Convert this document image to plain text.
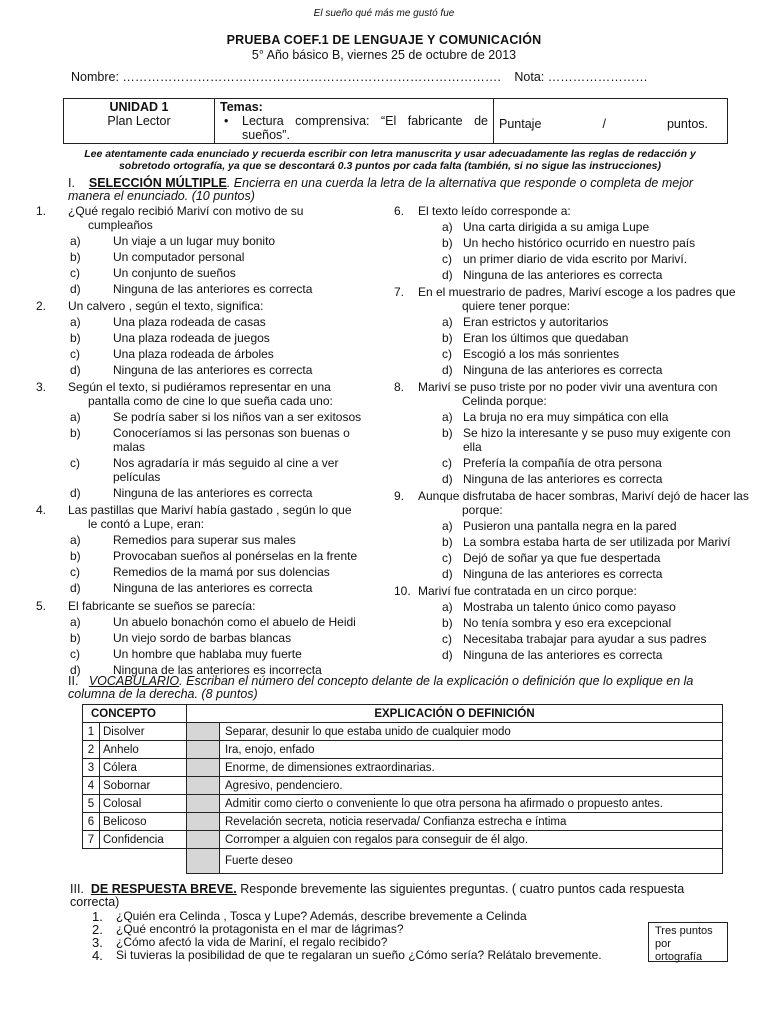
El sueño qué más me gustó fue
PRUEBA COEF.1 DE LENGUAJE Y COMUNICACIÓN
5° Año básico B, viernes 25 de octubre de 2013
Nombre: ………………………………………………………………………………. Nota: ……………………
UNIDAD 1
Plan Lector

Temas:
•	Lectura comprensiva: “El fabricante de sueños”.

Puntaje	/	puntos.
Lee atentamente cada enunciado y recuerda escribir con letra manuscrita y usar adecuadamente las reglas de redacción y sobretodo ortografía, ya que se descontará 0.3 puntos por cada falta (también, si no sigue las instrucciones)
I. SELECCIÓN MÚLTIPLE. Encierra en una cuerda la letra de la alternativa que responde o completa de mejor manera el enunciado. (10 puntos)
1. ¿Qué regalo recibió Mariví con motivo de su cumpleaños
a)	Un viaje a un lugar muy bonito
b)	Un computador personal
c)	Un conjunto de sueños
d)	Ninguna de las anteriores es correcta
2. Un calvero , según el texto, significa:
a)	Una plaza rodeada de casas
b)	Una plaza rodeada de juegos
c)	Una plaza rodeada de árboles
d)	Ninguna de las anteriores es correcta
3. Según el texto, si pudiéramos representar en una pantalla como de cine lo que sueña cada uno:
a)	Se podría saber si los niños van a ser exitosos
b)	Conoceríamos si las personas son buenas o malas
c)	Nos agradaría ir más seguido al cine a ver películas
d)	Ninguna de las anteriores es correcta
4. Las pastillas que Mariví había gastado , según lo que le contó a Lupe, eran:
a)	Remedios para superar sus males
b)	Provocaban sueños al ponérselas en la frente
c)	Remedios de la mamá por sus dolencias
d)	Ninguna de las anteriores es correcta
5. El fabricante se sueños se parecía:
a)	Un abuelo bonachón como el abuelo de Heidi
b)	Un viejo sordo de barbas blancas
c)	Un hombre que hablaba muy fuerte
d)	Ninguna de las anteriores es incorrecta
6. El texto leído corresponde a:
a) Una carta dirigida a su amiga Lupe
b) Un hecho histórico ocurrido en nuestro país
c) un primer diario de vida escrito por Mariví.
d) Ninguna de las anteriores es correcta
7. En el muestrario de padres, Mariví escoge a los padres que quiere tener porque:
a) Eran estrictos y autoritarios
b) Eran los últimos que quedaban
c) Escogió a los más sonrientes
d) Ninguna de las anteriores es correcta
8. Mariví se puso triste por no poder vivir una aventura con Celinda porque:
a) La bruja no era muy simpática con ella
b) Se hizo la interesante y se puso muy exigente con ella
c) Prefería la compañía de otra persona
d) Ninguna de las anteriores es correcta
9. Aunque disfrutaba de hacer sombras, Mariví dejó de hacer las porque:
a) Pusieron una pantalla negra en la pared
b) La sombra estaba harta de ser utilizada por Mariví
c) Dejó de soñar ya que fue despertada
d) Ninguna de las anteriores es correcta
10. Mariví fue contratada en un circo porque:
a) Mostraba un talento único como payaso
b) No tenía sombra y eso era excepcional
c) Necesitaba trabajar para ayudar a sus padres
d) Ninguna de las anteriores es correcta
II. VOCABULARIO. Escriban el número del concepto delante de la explicación o definición que lo explique en la columna de la derecha. (8 puntos)
CONCEPTO		EXPLICACIÓN O DEFINICIÓN	
1	Disolver		Separar, desunir lo que estaba unido de cualquier modo
2	Anhelo		Ira, enojo, enfado
3	Cólera		Enorme, de dimensiones extraordinarias.
4	Sobornar		Agresivo, pendenciero.
5	Colosal		Admitir como cierto o conveniente lo que otra persona ha afirmado o propuesto antes.
6	Belicoso		Revelación secreta, noticia reservada/ Confianza estrecha e íntima
7	Confidencia		Corromper a alguien con regalos para conseguir de él algo.
			Fuerte deseo
III. DE RESPUESTA BREVE. Responde brevemente las siguientes preguntas. ( cuatro puntos cada respuesta correcta)
1. ¿Quién era Celinda , Tosca y Lupe? Además, describe brevemente a Celinda
2. ¿Qué encontró la protagonista en el mar de lágrimas?
3. ¿Cómo afectó la vida de Mariní, el regalo recibido?
4. Si tuvieras la posibilidad de que te regalaran un sueño ¿Cómo sería? Relátalo brevemente.
Tres puntos por ortografía
